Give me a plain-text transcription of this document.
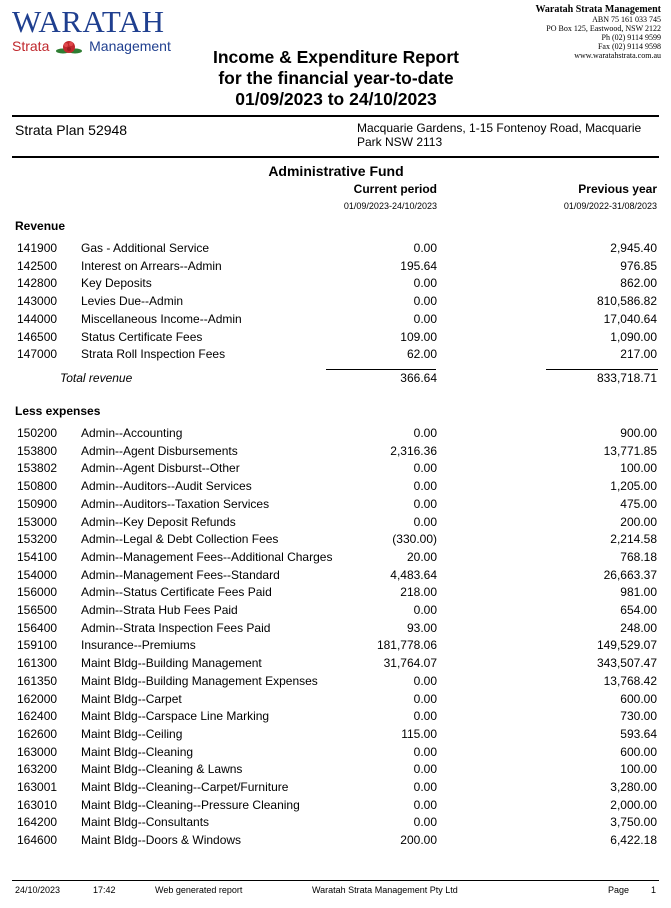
WARATAH
Strata	Management
Waratah Strata Management
ABN 75 161 033 745
PO Box 125, Eastwood, NSW 2122
Ph (02) 9114 9599
Fax (02) 9114 9598
www.waratahstrata.com.au
Income & Expenditure Report
for the financial year-to-date
01/09/2023 to 24/10/2023
Strata Plan 52948	Macquarie Gardens, 1-15 Fontenoy Road, Macquarie
Park NSW 2113
Administrative Fund
Current period	Previous year
01/09/2023-24/10/2023	01/09/2022-31/08/2023
Revenue
141900 Gas - Additional Service	0.00	2,945.40
142500 Interest on Arrears--Admin	195.64	976.85
142800 Key Deposits	0.00	862.00
143000 Levies Due--Admin	0.00	810,586.82
144000 Miscellaneous Income--Admin	0.00	17,040.64
146500 Status Certificate Fees	109.00	1,090.00
147000 Strata Roll Inspection Fees	62.00	217.00
Total revenue	366.64	833,718.71
Less expenses
150200 Admin--Accounting	0.00	900.00
153800 Admin--Agent Disbursements	2,316.36	13,771.85
153802 Admin--Agent Disburst--Other	0.00	100.00
150800 Admin--Auditors--Audit Services	0.00	1,205.00
150900 Admin--Auditors--Taxation Services	0.00	475.00
153000 Admin--Key Deposit Refunds	0.00	200.00
153200 Admin--Legal & Debt Collection Fees	(330.00)	2,214.58
154100 Admin--Management Fees--Additional Charges	20.00	768.18
154000 Admin--Management Fees--Standard	4,483.64	26,663.37
156000 Admin--Status Certificate Fees Paid	218.00	981.00
156500 Admin--Strata Hub Fees Paid	0.00	654.00
156400 Admin--Strata Inspection Fees Paid	93.00	248.00
159100 Insurance--Premiums	181,778.06	149,529.07
161300 Maint Bldg--Building Management	31,764.07	343,507.47
161350 Maint Bldg--Building Management Expenses	0.00	13,768.42
162000 Maint Bldg--Carpet	0.00	600.00
162400 Maint Bldg--Carspace Line Marking	0.00	730.00
162600 Maint Bldg--Ceiling	115.00	593.64
163000 Maint Bldg--Cleaning	0.00	600.00
163200 Maint Bldg--Cleaning & Lawns	0.00	100.00
163001 Maint Bldg--Cleaning--Carpet/Furniture	0.00	3,280.00
163010 Maint Bldg--Cleaning--Pressure Cleaning	0.00	2,000.00
164200 Maint Bldg--Consultants	0.00	3,750.00
164600 Maint Bldg--Doors & Windows	200.00	6,422.18
24/10/2023	17:42	Web generated report	Waratah Strata Management Pty Ltd	Page 1
